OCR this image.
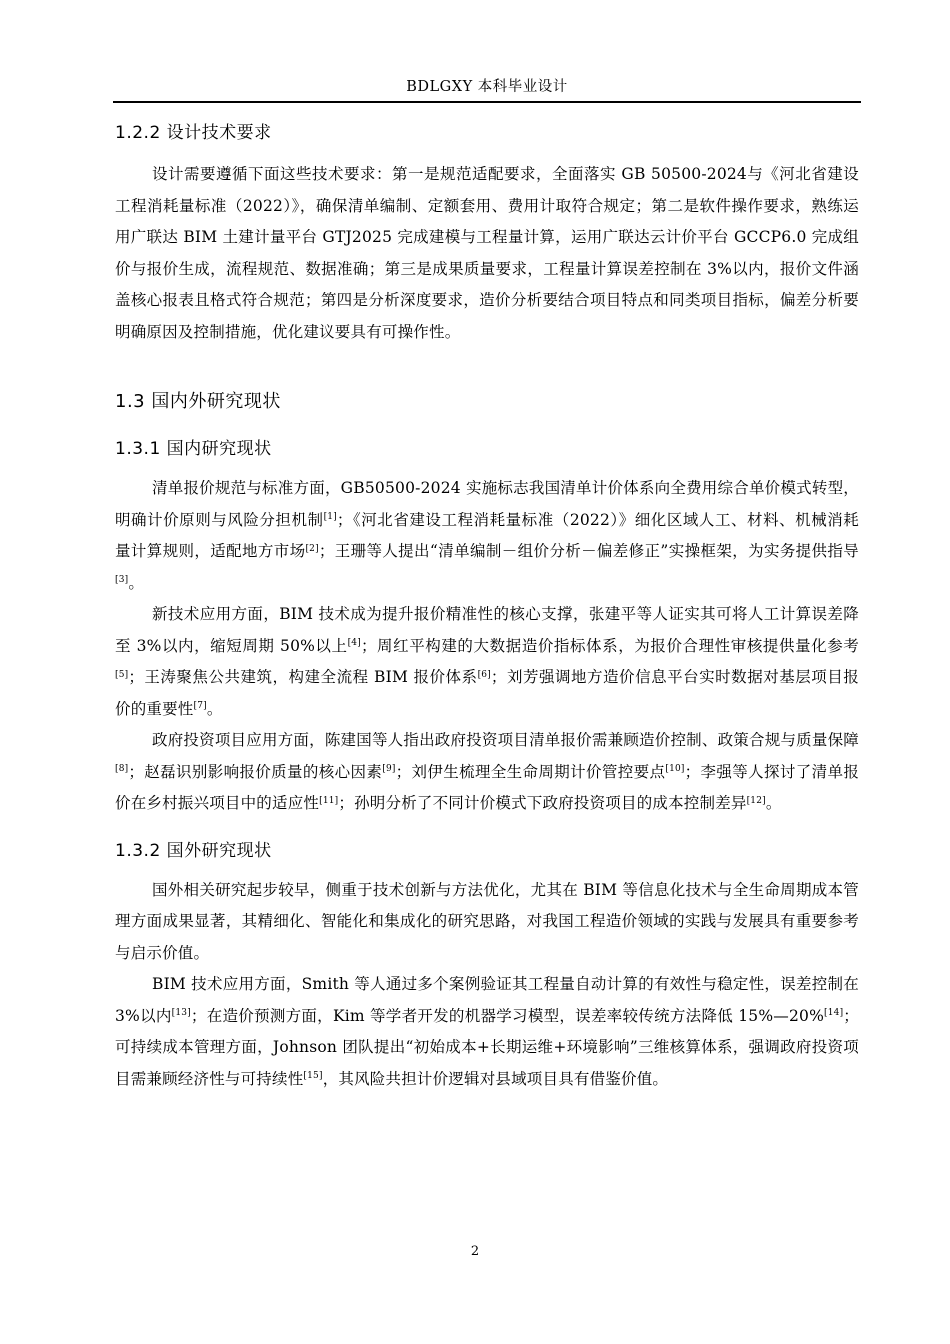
BDLGXY 本科毕业设计
1.2.2 设计技术要求

设计需要遵循下面这些技术要求：第一是规范适配要求，全面落实 GB 50500-2024与《河北省建设工程消耗量标准（2022）》，确保清单编制、定额套用、费用计取符合规定；第二是软件操作要求，熟练运用广联达 BIM 土建计量平台 GTJ2025 完成建模与工程量计算，运用广联达云计价平台 GCCP6.0 完成组价与报价生成，流程规范、数据准确；第三是成果质量要求，工程量计算误差控制在 3%以内，报价文件涵盖核心报表且格式符合规范；第四是分析深度要求，造价分析要结合项目特点和同类项目指标，偏差分析要明确原因及控制措施，优化建议要具有可操作性。

1.3 国内外研究现状
1.3.1 国内研究现状

清单报价规范与标准方面，GB50500-2024 实施标志我国清单计价体系向全费用综合单价模式转型，明确计价原则与风险分担机制[1]；《河北省建设工程消耗量标准（2022）》细化区域人工、材料、机械消耗量计算规则，适配地方市场[2]；王珊等人提出“清单编制－组价分析－偏差修正”实操框架，为实务提供指导[3]。

新技术应用方面，BIM 技术成为提升报价精准性的核心支撑，张建平等人证实其可将人工计算误差降至 3%以内，缩短周期 50%以上[4]；周红平构建的大数据造价指标体系，为报价合理性审核提供量化参考[5]；王涛聚焦公共建筑，构建全流程 BIM 报价体系[6]；刘芳强调地方造价信息平台实时数据对基层项目报价的重要性[7]。

政府投资项目应用方面，陈建国等人指出政府投资项目清单报价需兼顾造价控制、政策合规与质量保障[8]；赵磊识别影响报价质量的核心因素[9]；刘伊生梳理全生命周期计价管控要点[10]；李强等人探讨了清单报价在乡村振兴项目中的适应性[11]；孙明分析了不同计价模式下政府投资项目的成本控制差异[12]。

1.3.2 国外研究现状

国外相关研究起步较早，侧重于技术创新与方法优化，尤其在 BIM 等信息化技术与全生命周期成本管理方面成果显著，其精细化、智能化和集成化的研究思路，对我国工程造价领域的实践与发展具有重要参考与启示价值。

BIM 技术应用方面，Smith 等人通过多个案例验证其工程量自动计算的有效性与稳定性，误差控制在 3%以内[13]；在造价预测方面，Kim 等学者开发的机器学习模型，误差率较传统方法降低 15%—20%[14]；可持续成本管理方面，Johnson 团队提出“初始成本+长期运维+环境影响”三维核算体系，强调政府投资项目需兼顾经济性与可持续性[15]，其风险共担计价逻辑对县域项目具有借鉴价值。

2
